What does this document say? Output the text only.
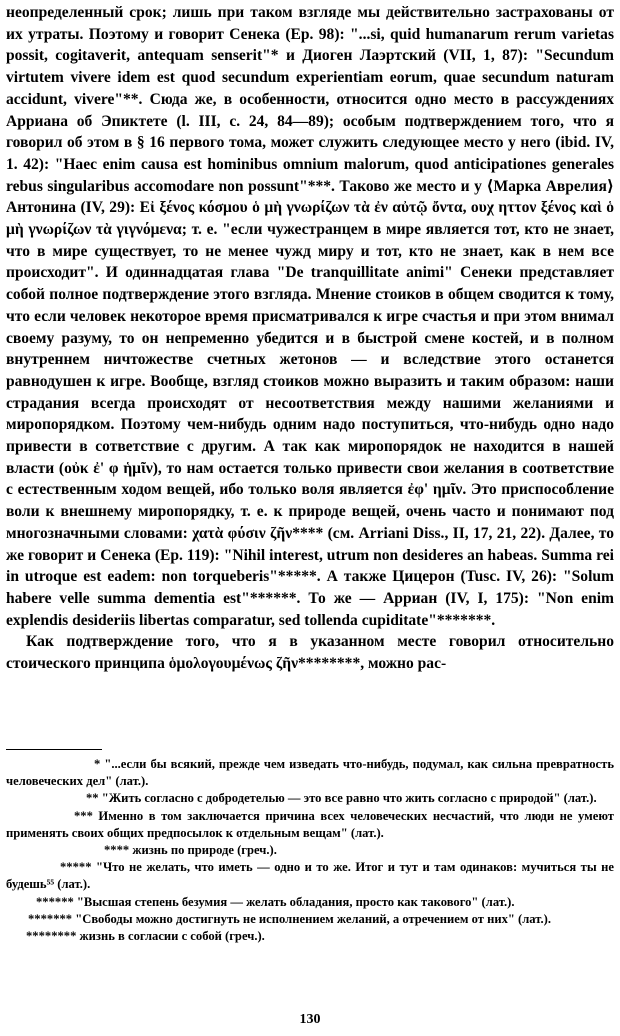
неопределенный срок; лишь при таком взгляде мы действительно застрахованы от их утраты. Поэтому и говорит Сенека (Ер. 98): "...si, quid humanarum rerum varietas possit, cogitaverit, antequam senserit"* и Диоген Лаэртский (VII, 1, 87): "Secundum virtutem vivere idem est quod secundum experientiam eorum, quae secundum naturam accidunt, vivere"**. Сюда же, в особенности, относится одно место в рассуждениях Арриана об Эпиктете (l. III, с. 24, 84—89); особым подтверждением того, что я говорил об этом в § 16 первого тома, может служить следующее место у него (ibid. IV, 1. 42): "Haec enim causa est hominibus omnium malorum, quod anticipationes generales rebus singularibus accomodare non possunt"***. Таково же место и у ⟨Марка Аврелия⟩ Антонина (IV, 29): Εἰ ξένος κόσμου ὁ μὴ γνωρίζων τὰ ἐν αὐτῷ ὄντα, ουχ ηττον ξένος καὶ ὁ μὴ γνωρίζων τὰ γιγνόμενα; т. е. "если чужестранцем в мире является тот, кто не знает, что в мире существует, то не менее чужд миру и тот, кто не знает, как в нем все происходит". И одиннадцатая глава "De tranquillitate animi" Сенеки представляет собой полное подтверждение этого взгляда. Мнение стоиков в общем сводится к тому, что если человек некоторое время присматривался к игре счастья и при этом внимал своему разуму, то он непременно убедится и в быстрой смене костей, и в полном внутреннем ничтожестве счетных жетонов — и вследствие этого останется равнодушен к игре. Вообще, взгляд стоиков можно выразить и таким образом: наши страдания всегда происходят от несоответствия между нашими желаниями и миропорядком. Поэтому чем-нибудь одним надо поступиться, что-нибудь одно надо привести в сответствие с другим. А так как миропорядок не находится в нашей власти (οὐκ ἐ' φ ἡμῖν), то нам остается только привести свои желания в соответствие с естественным ходом вещей, ибо только воля является ἐφ' ημῖν. Это приспособление воли к внешнему миропорядку, т. е. к природе вещей, очень часто и понимают под многозначными словами: χατὰ φύσιν ζῆν**** (см. Arriani Diss., II, 17, 21, 22). Далее, то же говорит и Сенека (Ер. 119): "Nihil interest, utrum non desideres an habeas. Summa rei in utroque est eadem: non torqueberis"*****. А также Цицерон (Tusc. IV, 26): "Solum habere velle summa dementia est"******. То же — Арриан (IV, I, 175): "Non enim explendis desideriis libertas comparatur, sed tollenda cupiditate"*******.

Как подтверждение того, что я в указанном месте говорил относительно стоического принципа ὁμολογουμένως ζῆν********, можно рас-

* "...если бы всякий, прежде чем изведать что-нибудь, подумал, как сильна превратность человеческих дел" (лат.).

** "Жить согласно с добродетелью — это все равно что жить согласно с природой" (лат.).

*** Именно в том заключается причина всех человеческих несчастий, что люди не умеют применять своих общих предпосылок к отдельным вещам" (лат.).

**** жизнь по природе (греч.).

***** "Что не желать, что иметь — одно и то же. Итог и тут и там одинаков: мучиться ты не будешь⁵⁵ (лат.).

****** "Высшая степень безумия — желать обладания, просто как такового" (лат.).

******* "Свободы можно достигнуть не исполнением желаний, а отречением от них" (лат.).

******** жизнь в согласии с собой (греч.).

130
